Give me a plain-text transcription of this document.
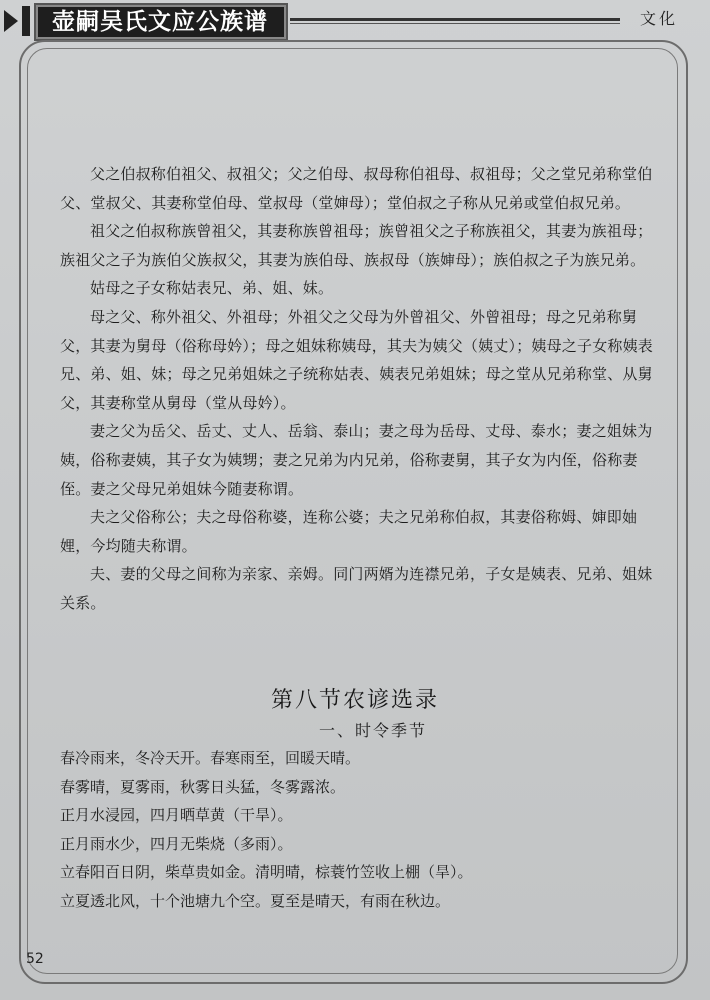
壶嗣吴氏文应公族谱	文化

父之伯叔称伯祖父、叔祖父；父之伯母、叔母称伯祖母、叔祖母；父之堂兄弟称堂伯父、堂叔父、其妻称堂伯母、堂叔母（堂婶母）；堂伯叔之子称从兄弟或堂伯叔兄弟。

祖父之伯叔称族曾祖父，其妻称族曾祖母；族曾祖父之子称族祖父，其妻为族祖母；族祖父之子为族伯父族叔父，其妻为族伯母、族叔母（族婶母）；族伯叔之子为族兄弟。

姑母之子女称姑表兄、弟、姐、妹。

母之父、称外祖父、外祖母；外祖父之父母为外曾祖父、外曾祖母；母之兄弟称舅父，其妻为舅母（俗称母妗）；母之姐妹称姨母，其夫为姨父（姨丈）；姨母之子女称姨表兄、弟、姐、妹；母之兄弟姐妹之子统称姑表、姨表兄弟姐妹；母之堂从兄弟称堂、从舅父，其妻称堂从舅母（堂从母妗）。

妻之父为岳父、岳丈、丈人、岳翁、泰山；妻之母为岳母、丈母、泰水；妻之姐妹为姨，俗称妻姨，其子女为姨甥；妻之兄弟为内兄弟，俗称妻舅，其子女为内侄，俗称妻侄。妻之父母兄弟姐妹今随妻称谓。

夫之父俗称公；夫之母俗称婆，连称公婆；夫之兄弟称伯叔，其妻俗称姆、婶即妯娌，今均随夫称谓。

夫、妻的父母之间称为亲家、亲姆。同门两婿为连襟兄弟，子女是姨表、兄弟、姐妹关系。

第八节农谚选录
一、时令季节

春冷雨来，冬冷天开。春寒雨至，回暖天晴。

春雾晴，夏雾雨，秋雾日头猛，冬雾露浓。

正月水浸园，四月晒草黄（干旱）。

正月雨水少，四月无柴烧（多雨）。

立春阳百日阴，柴草贵如金。清明晴，棕蓑竹笠收上棚（旱）。

立夏透北风，十个池塘九个空。夏至是晴天，有雨在秋边。

52
